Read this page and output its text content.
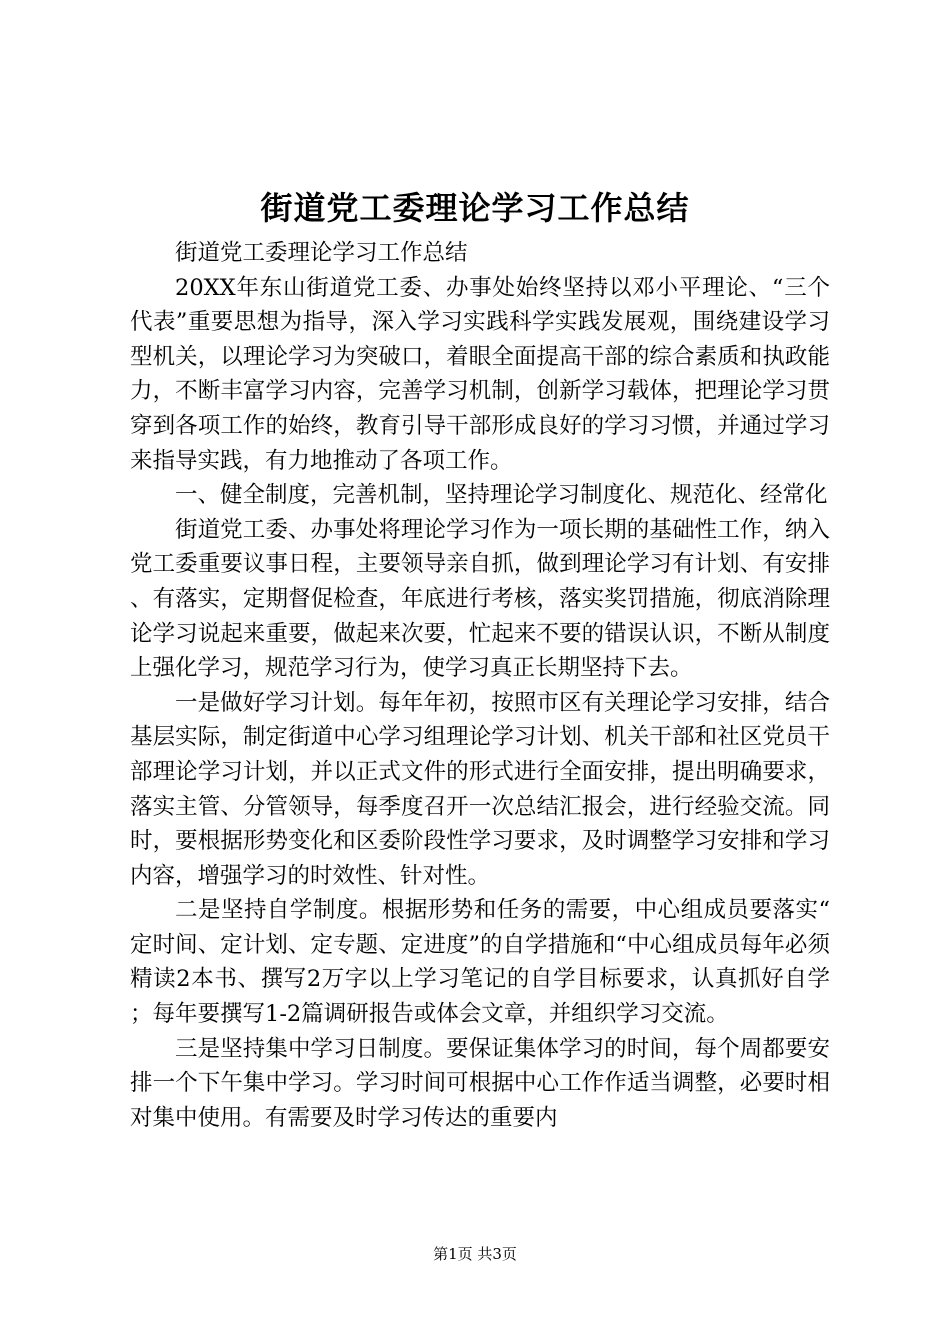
街道党工委理论学习工作总结

街道党工委理论学习工作总结

20XX年东山街道党工委、办事处始终坚持以邓小平理论、“三个代表”重要思想为指导，深入学习实践科学实践发展观，围绕建设学习型机关，以理论学习为突破口，着眼全面提高干部的综合素质和执政能力，不断丰富学习内容，完善学习机制，创新学习载体，把理论学习贯穿到各项工作的始终，教育引导干部形成良好的学习习惯，并通过学习来指导实践，有力地推动了各项工作。

一、健全制度，完善机制，坚持理论学习制度化、规范化、经常化

街道党工委、办事处将理论学习作为一项长期的基础性工作，纳入党工委重要议事日程，主要领导亲自抓，做到理论学习有计划、有安排、有落实，定期督促检查，年底进行考核，落实奖罚措施，彻底消除理论学习说起来重要，做起来次要，忙起来不要的错误认识，不断从制度上强化学习，规范学习行为，使学习真正长期坚持下去。

一是做好学习计划。每年年初，按照市区有关理论学习安排，结合基层实际，制定街道中心学习组理论学习计划、机关干部和社区党员干部理论学习计划，并以正式文件的形式进行全面安排，提出明确要求，落实主管、分管领导，每季度召开一次总结汇报会，进行经验交流。同时，要根据形势变化和区委阶段性学习要求，及时调整学习安排和学习内容，增强学习的时效性、针对性。

二是坚持自学制度。根据形势和任务的需要，中心组成员要落实“定时间、定计划、定专题、定进度”的自学措施和“中心组成员每年必须精读2本书、撰写2万字以上学习笔记的自学目标要求，认真抓好自学；每年要撰写1-2篇调研报告或体会文章，并组织学习交流。

三是坚持集中学习日制度。要保证集体学习的时间，每个周都要安排一个下午集中学习。学习时间可根据中心工作作适当调整，必要时相对集中使用。有需要及时学习传达的重要内

第1页 共3页
